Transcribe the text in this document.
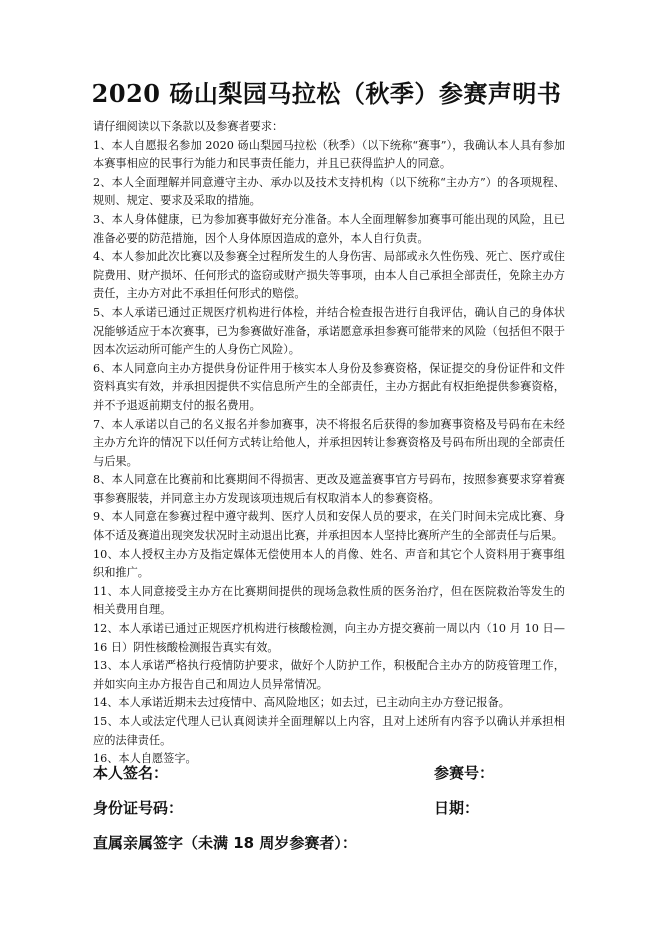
2020 砀山梨园马拉松（秋季）参赛声明书

请仔细阅读以下条款以及参赛者要求：

1、本人自愿报名参加 2020 砀山梨园马拉松（秋季）（以下统称“赛事”），我确认本人具有参加本赛事相应的民事行为能力和民事责任能力，并且已获得监护人的同意。

2、本人全面理解并同意遵守主办、承办以及技术支持机构（以下统称“主办方”）的各项规程、规则、规定、要求及采取的措施。

3、本人身体健康，已为参加赛事做好充分准备。本人全面理解参加赛事可能出现的风险，且已准备必要的防范措施，因个人身体原因造成的意外，本人自行负责。

4、本人参加此次比赛以及参赛全过程所发生的人身伤害、局部或永久性伤残、死亡、医疗或住院费用、财产损坏、任何形式的盗窃或财产损失等事项，由本人自己承担全部责任，免除主办方责任，主办方对此不承担任何形式的赔偿。

5、本人承诺已通过正规医疗机构进行体检，并结合检查报告进行自我评估，确认自己的身体状况能够适应于本次赛事，已为参赛做好准备，承诺愿意承担参赛可能带来的风险（包括但不限于因本次运动所可能产生的人身伤亡风险）。

6、本人同意向主办方提供身份证件用于核实本人身份及参赛资格，保证提交的身份证件和文件资料真实有效，并承担因提供不实信息所产生的全部责任，主办方据此有权拒绝提供参赛资格，并不予退返前期支付的报名费用。

7、本人承诺以自己的名义报名并参加赛事，决不将报名后获得的参加赛事资格及号码布在未经主办方允许的情况下以任何方式转让给他人，并承担因转让参赛资格及号码布所出现的全部责任与后果。

8、本人同意在比赛前和比赛期间不得损害、更改及遮盖赛事官方号码布，按照参赛要求穿着赛事参赛服装，并同意主办方发现该项违规后有权取消本人的参赛资格。

9、本人同意在参赛过程中遵守裁判、医疗人员和安保人员的要求，在关门时间未完成比赛、身体不适及赛道出现突发状况时主动退出比赛，并承担因本人坚持比赛所产生的全部责任与后果。

10、本人授权主办方及指定媒体无偿使用本人的肖像、姓名、声音和其它个人资料用于赛事组织和推广。

11、本人同意接受主办方在比赛期间提供的现场急救性质的医务治疗，但在医院救治等发生的相关费用自理。

12、本人承诺已通过正规医疗机构进行核酸检测，向主办方提交赛前一周以内（10 月 10 日—16 日）阴性核酸检测报告真实有效。

13、本人承诺严格执行疫情防护要求，做好个人防护工作，积极配合主办方的防疫管理工作，并如实向主办方报告自己和周边人员异常情况。

14、本人承诺近期未去过疫情中、高风险地区；如去过，已主动向主办方登记报备。

15、本人或法定代理人已认真阅读并全面理解以上内容，且对上述所有内容予以确认并承担相应的法律责任。

16、本人自愿签字。

本人签名：	参赛号：
身份证号码：	日期：
直属亲属签字（未满 18 周岁参赛者）：
